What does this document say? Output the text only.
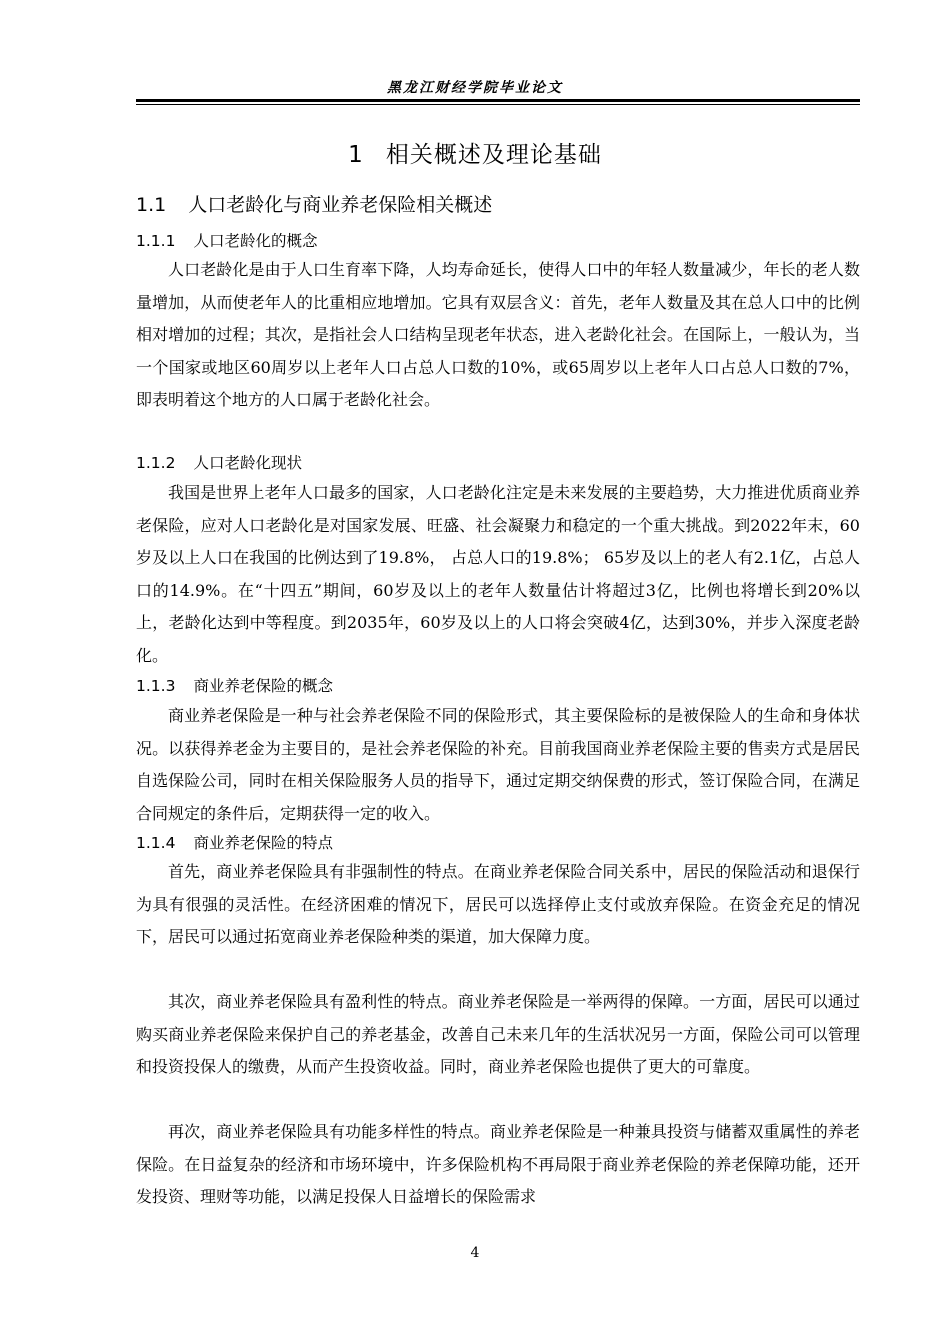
黑龙江财经学院毕业论文
1 相关概述及理论基础
1.1 人口老龄化与商业养老保险相关概述
1.1.1 人口老龄化的概念
人口老龄化是由于人口生育率下降，人均寿命延长，使得人口中的年轻人数量减少，年长的老人数量增加，从而使老年人的比重相应地增加。它具有双层含义：首先，老年人数量及其在总人口中的比例相对增加的过程；其次，是指社会人口结构呈现老年状态，进入老龄化社会。在国际上，一般认为，当一个国家或地区60周岁以上老年人口占总人口数的10%，或65周岁以上老年人口占总人口数的7%，即表明着这个地方的人口属于老龄化社会。
1.1.2 人口老龄化现状
我国是世界上老年人口最多的国家，人口老龄化注定是未来发展的主要趋势，大力推进优质商业养老保险，应对人口老龄化是对国家发展、旺盛、社会凝聚力和稳定的一个重大挑战。到2022年末，60岁及以上人口在我国的比例达到了19.8%， 占总人口的19.8%； 65岁及以上的老人有2.1亿，占总人口的14.9%。在“十四五”期间，60岁及以上的老年人数量估计将超过3亿，比例也将增长到20%以上，老龄化达到中等程度。到2035年，60岁及以上的人口将会突破4亿，达到30%，并步入深度老龄化。
1.1.3 商业养老保险的概念
商业养老保险是一种与社会养老保险不同的保险形式，其主要保险标的是被保险人的生命和身体状况。以获得养老金为主要目的，是社会养老保险的补充。目前我国商业养老保险主要的售卖方式是居民自选保险公司，同时在相关保险服务人员的指导下，通过定期交纳保费的形式，签订保险合同，在满足合同规定的条件后，定期获得一定的收入。
1.1.4 商业养老保险的特点
首先，商业养老保险具有非强制性的特点。在商业养老保险合同关系中，居民的保险活动和退保行为具有很强的灵活性。在经济困难的情况下，居民可以选择停止支付或放弃保险。在资金充足的情况下，居民可以通过拓宽商业养老保险种类的渠道，加大保障力度。
其次，商业养老保险具有盈利性的特点。商业养老保险是一举两得的保障。一方面，居民可以通过购买商业养老保险来保护自己的养老基金，改善自己未来几年的生活状况另一方面，保险公司可以管理和投资投保人的缴费，从而产生投资收益。同时，商业养老保险也提供了更大的可靠度。
再次，商业养老保险具有功能多样性的特点。商业养老保险是一种兼具投资与储蓄双重属性的养老保险。在日益复杂的经济和市场环境中，许多保险机构不再局限于商业养老保险的养老保障功能，还开发投资、理财等功能，以满足投保人日益增长的保险需求
4
